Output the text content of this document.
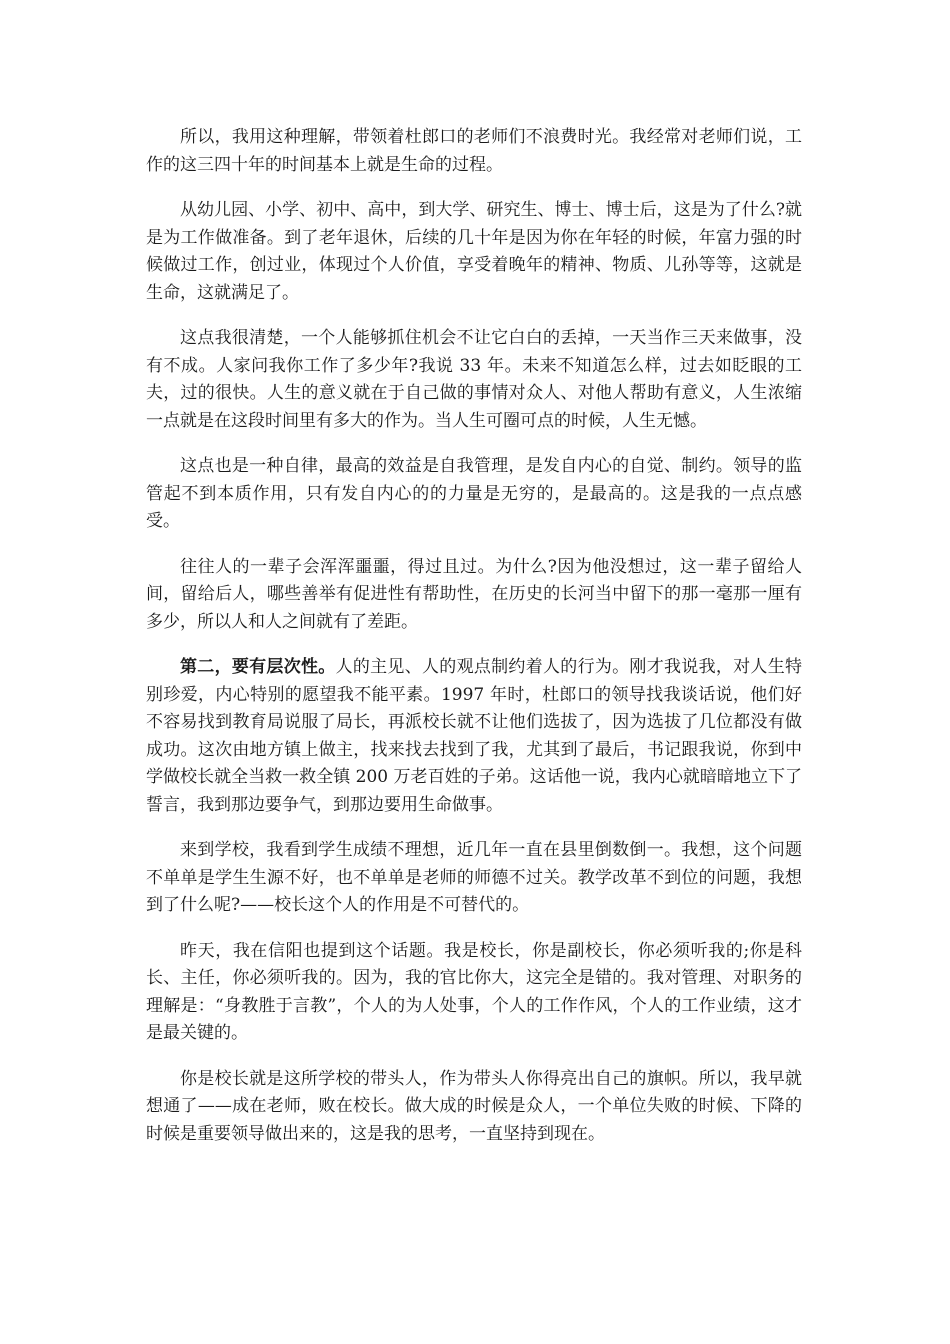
所以，我用这种理解，带领着杜郎口的老师们不浪费时光。我经常对老师们说，工作的这三四十年的时间基本上就是生命的过程。

从幼儿园、小学、初中、高中，到大学、研究生、博士、博士后，这是为了什么?就是为工作做准备。到了老年退休，后续的几十年是因为你在年轻的时候，年富力强的时候做过工作，创过业，体现过个人价值，享受着晚年的精神、物质、儿孙等等，这就是生命，这就满足了。

这点我很清楚，一个人能够抓住机会不让它白白的丢掉，一天当作三天来做事，没有不成。人家问我你工作了多少年?我说 33 年。未来不知道怎么样，过去如眨眼的工夫，过的很快。人生的意义就在于自己做的事情对众人、对他人帮助有意义，人生浓缩一点就是在这段时间里有多大的作为。当人生可圈可点的时候，人生无憾。

这点也是一种自律，最高的效益是自我管理，是发自内心的自觉、制约。领导的监管起不到本质作用，只有发自内心的的力量是无穷的，是最高的。这是我的一点点感受。

往往人的一辈子会浑浑噩噩，得过且过。为什么?因为他没想过，这一辈子留给人间，留给后人，哪些善举有促进性有帮助性，在历史的长河当中留下的那一毫那一厘有多少，所以人和人之间就有了差距。

第二，要有层次性。人的主见、人的观点制约着人的行为。刚才我说我，对人生特别珍爱，内心特别的愿望我不能平素。1997 年时，杜郎口的领导找我谈话说，他们好不容易找到教育局说服了局长，再派校长就不让他们选拔了，因为选拔了几位都没有做成功。这次由地方镇上做主，找来找去找到了我，尤其到了最后，书记跟我说，你到中学做校长就全当救一救全镇 200 万老百姓的子弟。这话他一说，我内心就暗暗地立下了誓言，我到那边要争气，到那边要用生命做事。

来到学校，我看到学生成绩不理想，近几年一直在县里倒数倒一。我想，这个问题不单单是学生生源不好，也不单单是老师的师德不过关。教学改革不到位的问题，我想到了什么呢?——校长这个人的作用是不可替代的。

昨天，我在信阳也提到这个话题。我是校长，你是副校长，你必须听我的;你是科长、主任，你必须听我的。因为，我的官比你大，这完全是错的。我对管理、对职务的理解是：“身教胜于言教”，个人的为人处事，个人的工作作风，个人的工作业绩，这才是最关键的。

你是校长就是这所学校的带头人，作为带头人你得亮出自己的旗帜。所以，我早就想通了——成在老师，败在校长。做大成的时候是众人，一个单位失败的时候、下降的时候是重要领导做出来的，这是我的思考，一直坚持到现在。
